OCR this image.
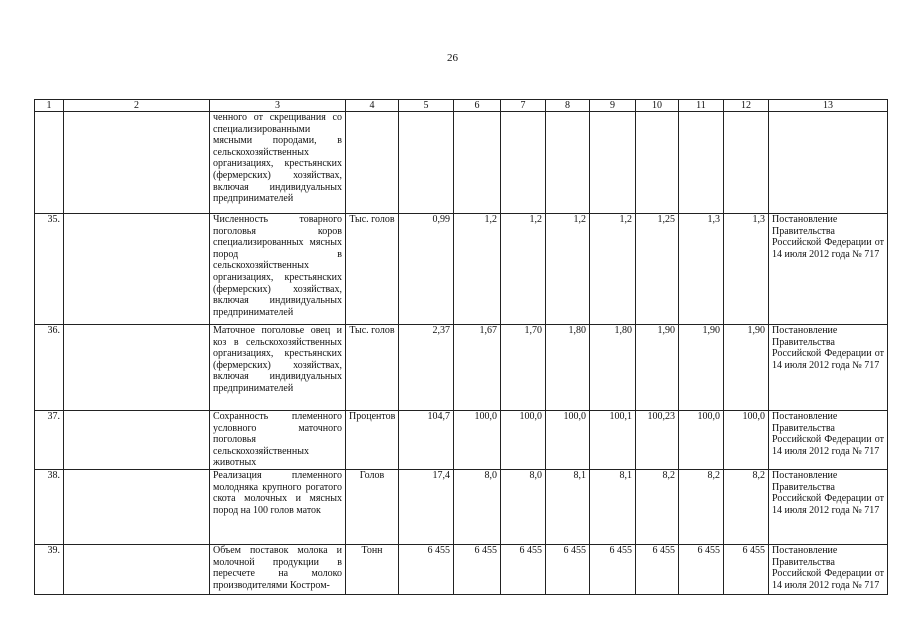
26
1	2	3	4	5	6	7	8	9	10	11	12	13
		ченного от скрещивания со специализированными мясными породами, в сельскохозяйственных организациях, крестьянских (фермерских) хозяйствах, включая индивидуальных предпринимателей										
35.		Численность товарного поголовья коров специализированных мясных пород в сельскохозяйственных организациях, крестьянских (фермерских) хозяйствах, включая индивидуальных предпринимателей	Тыс. голов	0,99	1,2	1,2	1,2	1,2	1,25	1,3	1,3	Постановление Правительства Российской Федерации от 14 июля 2012 года № 717
36.		Маточное поголовье овец и коз в сельскохозяйственных организациях, крестьянских (фермерских) хозяйствах, включая индивидуальных предпринимателей	Тыс. голов	2,37	1,67	1,70	1,80	1,80	1,90	1,90	1,90	Постановление Правительства Российской Федерации от 14 июля 2012 года № 717
37.		Сохранность племенного условного маточного поголовья сельскохозяйственных животных	Процентов	104,7	100,0	100,0	100,0	100,1	100,23	100,0	100,0	Постановление Правительства Российской Федерации от 14 июля 2012 года № 717
38.		Реализация племенного молодняка крупного рогатого скота молочных и мясных пород на 100 голов маток	Голов	17,4	8,0	8,0	8,1	8,1	8,2	8,2	8,2	Постановление Правительства Российской Федерации от 14 июля 2012 года № 717
39.		Объем поставок молока и молочной продукции в пересчете на молоко производителями Костром-	Тонн	6 455	6 455	6 455	6 455	6 455	6 455	6 455	6 455	Постановление Правительства Российской Федерации от 14 июля 2012 года № 717
